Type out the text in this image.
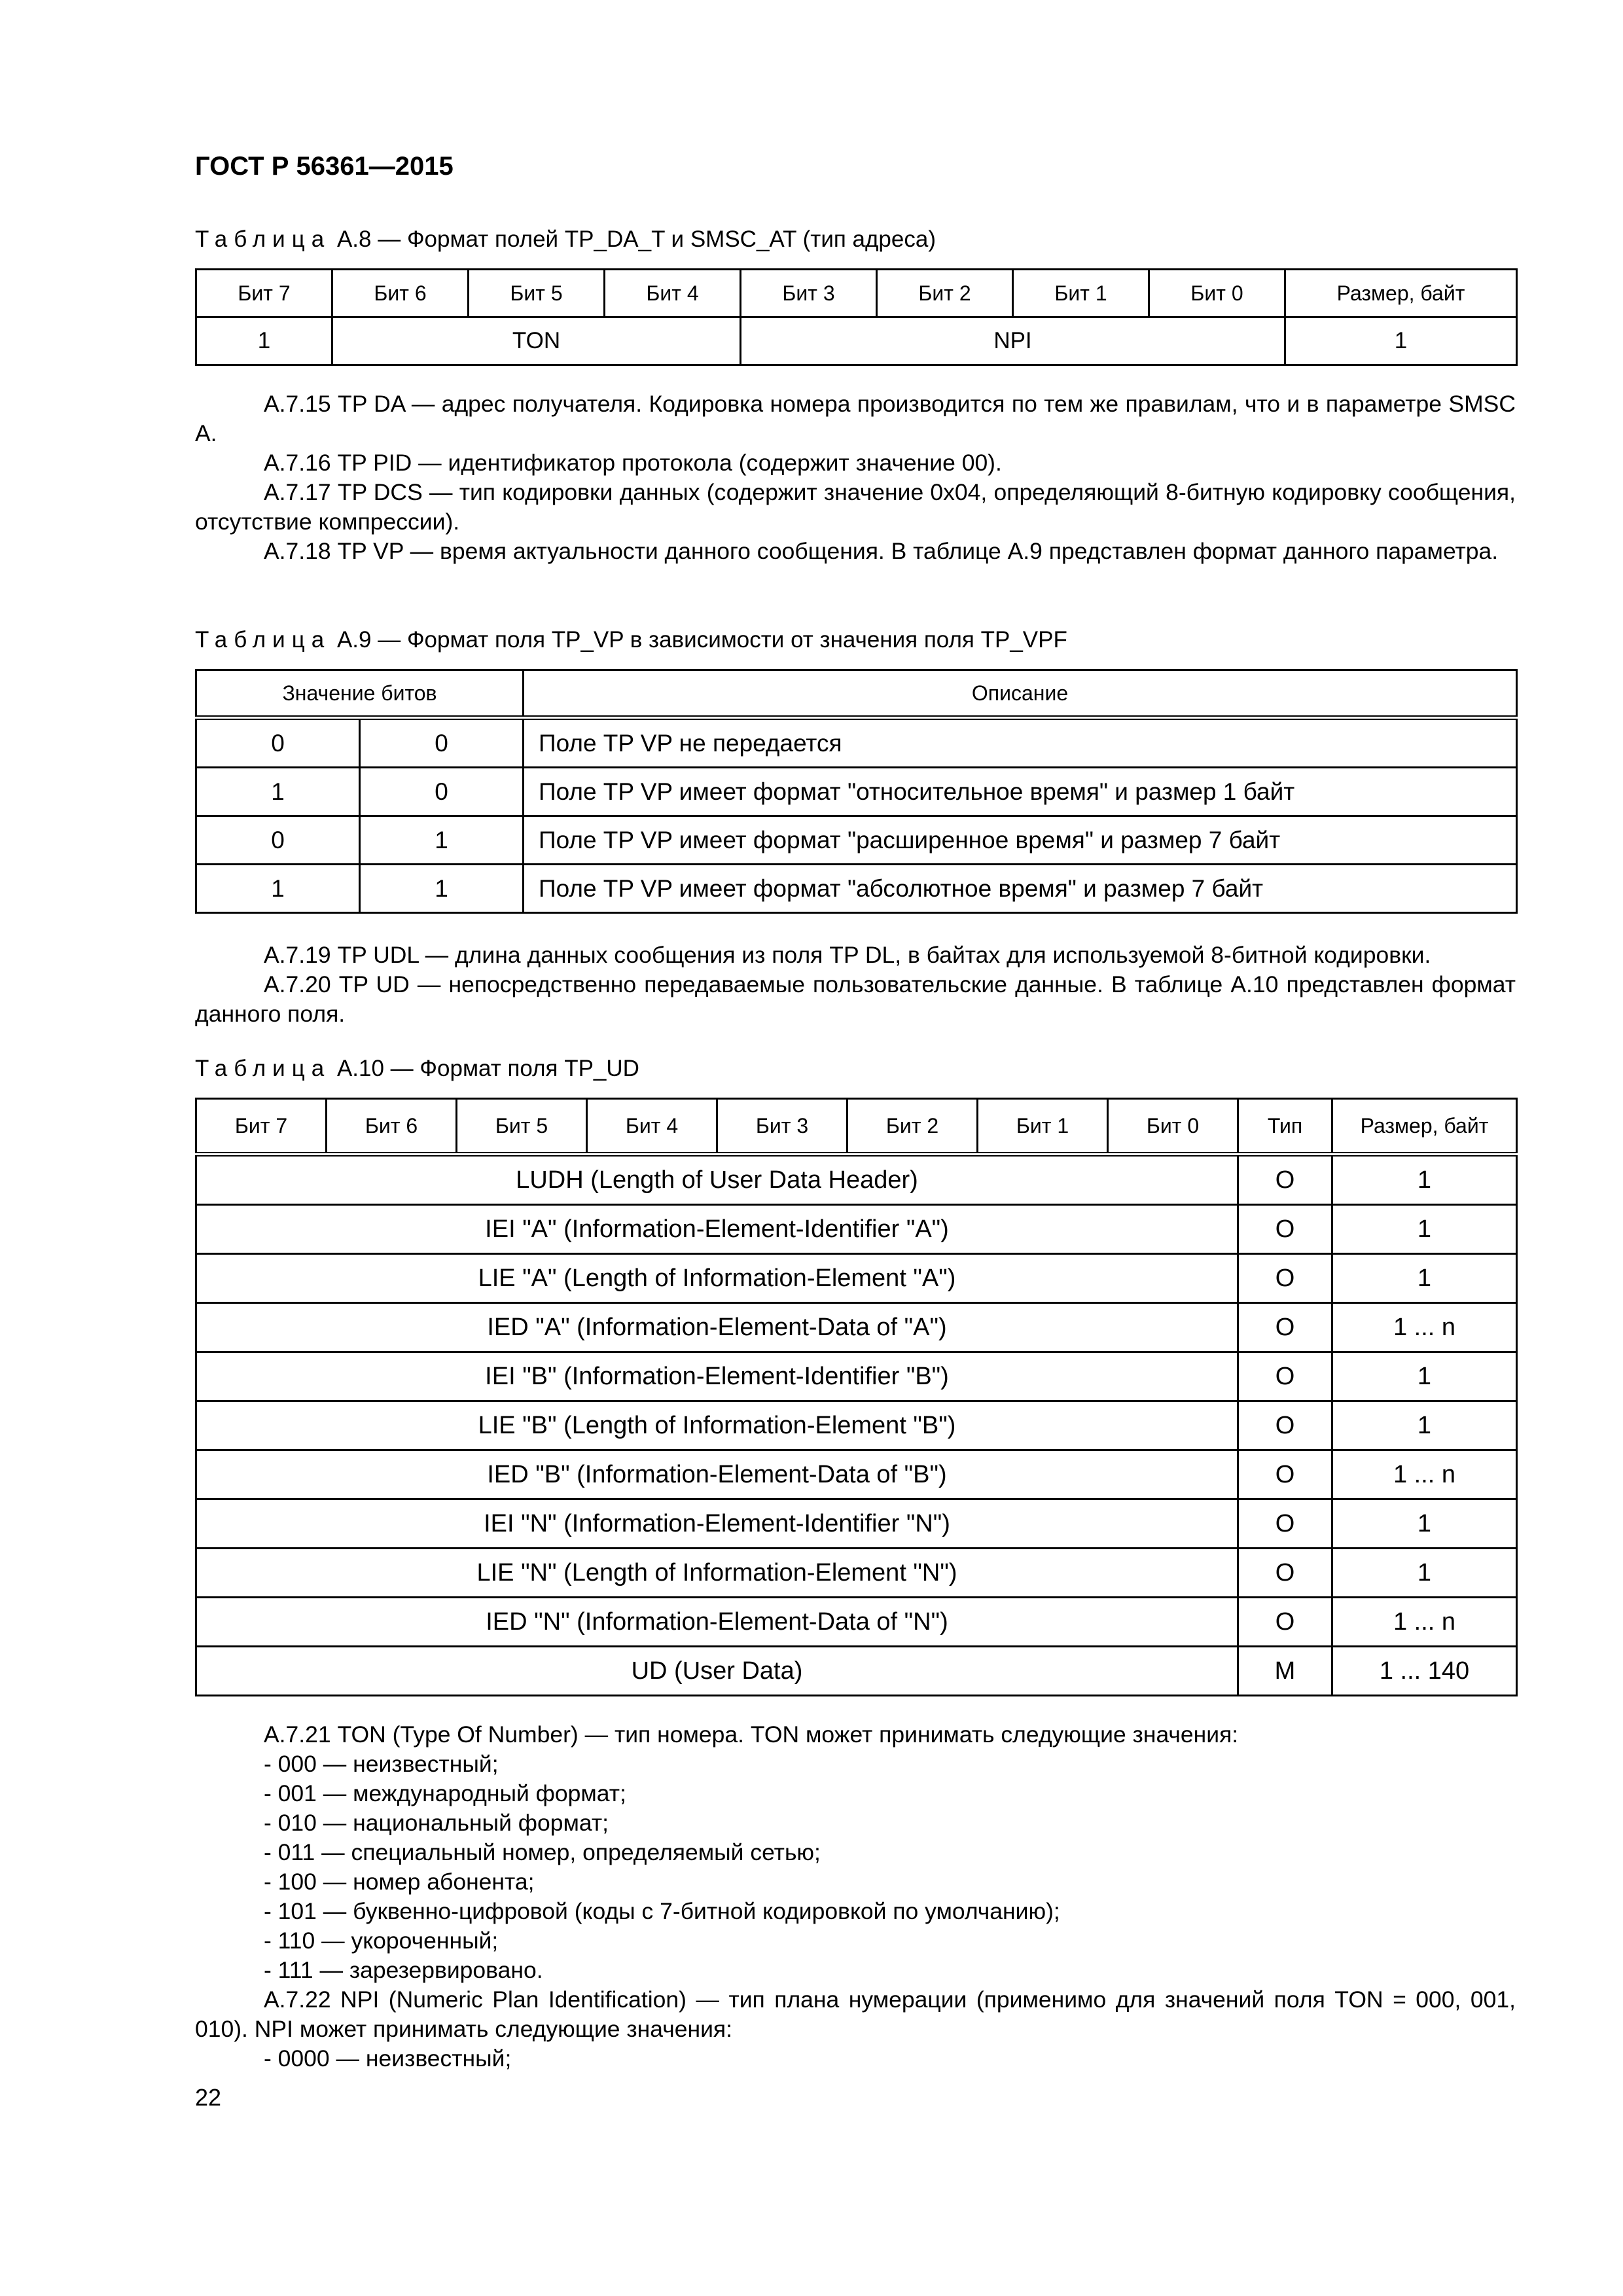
ГОСТ Р 56361—2015
Таблица А.8 — Формат полей TP_DA_T и SMSC_AT (тип адреса)
Бит 7	Бит 6	Бит 5	Бит 4	Бит 3	Бит 2	Бит 1	Бит 0	Размер, байт
1	TON			NPI				1

А.7.15 TP DA — адрес получателя. Кодировка номера производится по тем же правилам, что и в параметре SMSC A.

А.7.16 TP PID — идентификатор протокола (содержит значение 00).

А.7.17 TP DCS — тип кодировки данных (содержит значение 0х04, определяющий 8-битную кодировку сообщения, отсутствие компрессии).

А.7.18 TP VP — время актуальности данного сообщения. В таблице А.9 представлен формат данного параметра.

Таблица А.9 — Формат поля TP_VP в зависимости от значения поля TP_VPF
Значение битов		Описание
0	0	Поле TP VP не передается
1	0	Поле TP VP имеет формат "относительное время" и размер 1 байт
0	1	Поле TP VP имеет формат "расширенное время" и размер 7 байт
1	1	Поле TP VP имеет формат "абсолютное время" и размер 7 байт

А.7.19 TP UDL — длина данных сообщения из поля TP DL, в байтах для используемой 8-битной кодировки.

А.7.20 TP UD — непосредственно передаваемые пользовательские данные. В таблице А.10 представлен формат данного поля.

Таблица А.10 — Формат поля TP_UD
Бит 7	Бит 6	Бит 5	Бит 4	Бит 3	Бит 2	Бит 1	Бит 0	Тип	Размер, байт
LUDH (Length of User Data Header)								O	1
IEI "A" (Information-Element-Identifier "A")								O	1
LIE "A" (Length of Information-Element "A")								O	1
IED "A" (Information-Element-Data of "A")								O	1 ... n
IEI "B" (Information-Element-Identifier "B")								O	1
LIE "B" (Length of Information-Element "B")								O	1
IED "B" (Information-Element-Data of "B")								O	1 ... n
IEI "N" (Information-Element-Identifier "N")								O	1
LIE "N" (Length of Information-Element "N")								O	1
IED "N" (Information-Element-Data of "N")								O	1 ... n
UD (User Data)								M	1 ... 140

А.7.21 TON (Type Of Number) — тип номера. TON может принимать следующие значения:

- 000 — неизвестный;
- 001 — международный формат;
- 010 — национальный формат;
- 011 — специальный номер, определяемый сетью;
- 100 — номер абонента;
- 101 — буквенно-цифровой (коды с 7-битной кодировкой по умолчанию);
- 110 — укороченный;
- 111 — зарезервировано.

А.7.22 NPI (Numeric Plan Identification) — тип плана нумерации (применимо для значений поля TON = 000, 001, 010). NPI может принимать следующие значения:

- 0000 — неизвестный;
22
